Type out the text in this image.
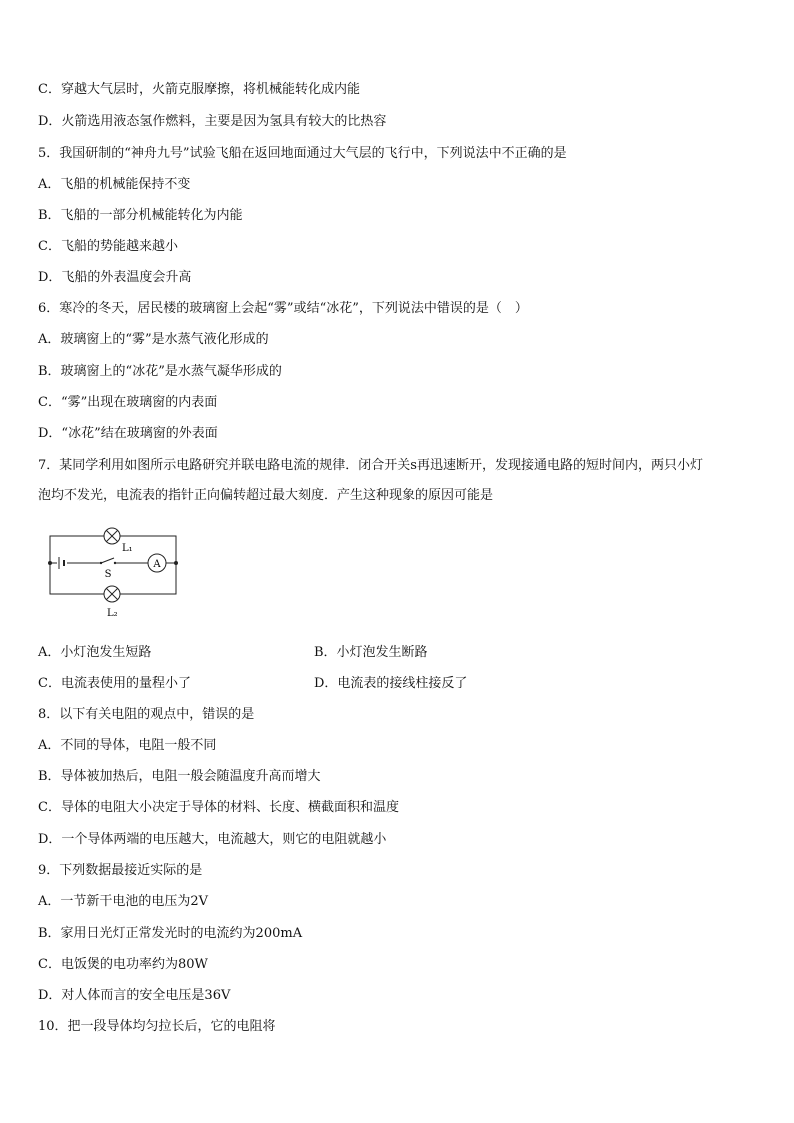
C．穿越大气层时，火箭克服摩擦，将机械能转化成内能
D．火箭选用液态氢作燃料，主要是因为氢具有较大的比热容
5．我国研制的“神舟九号”试验飞船在返回地面通过大气层的飞行中，下列说法中不正确的是
A．飞船的机械能保持不变
B．飞船的一部分机械能转化为内能
C．飞船的势能越来越小
D．飞船的外表温度会升高
6．寒冷的冬天，居民楼的玻璃窗上会起“雾”或结“冰花”，下列说法中错误的是（　）
A．玻璃窗上的“雾”是水蒸气液化形成的
B．玻璃窗上的“冰花”是水蒸气凝华形成的
C．“雾”出现在玻璃窗的内表面
D．“冰花”结在玻璃窗的外表面
7．某同学利用如图所示电路研究并联电路电流的规律．闭合开关s再迅速断开，发现接通电路的短时间内，两只小灯
泡均不发光，电流表的指针正向偏转超过最大刻度．产生这种现象的原因可能是
S
A
L₁
L₂
A．小灯泡发生短路	B．小灯泡发生断路
C．电流表使用的量程小了	D．电流表的接线柱接反了
8．以下有关电阻的观点中，错误的是
A．不同的导体，电阻一般不同
B．导体被加热后，电阻一般会随温度升高而增大
C．导体的电阻大小决定于导体的材料、长度、横截面积和温度
D．一个导体两端的电压越大，电流越大，则它的电阻就越小
9．下列数据最接近实际的是
A．一节新干电池的电压为2V
B．家用日光灯正常发光时的电流约为200mA
C．电饭煲的电功率约为80W
D．对人体而言的安全电压是36V
10．把一段导体均匀拉长后，它的电阻将
